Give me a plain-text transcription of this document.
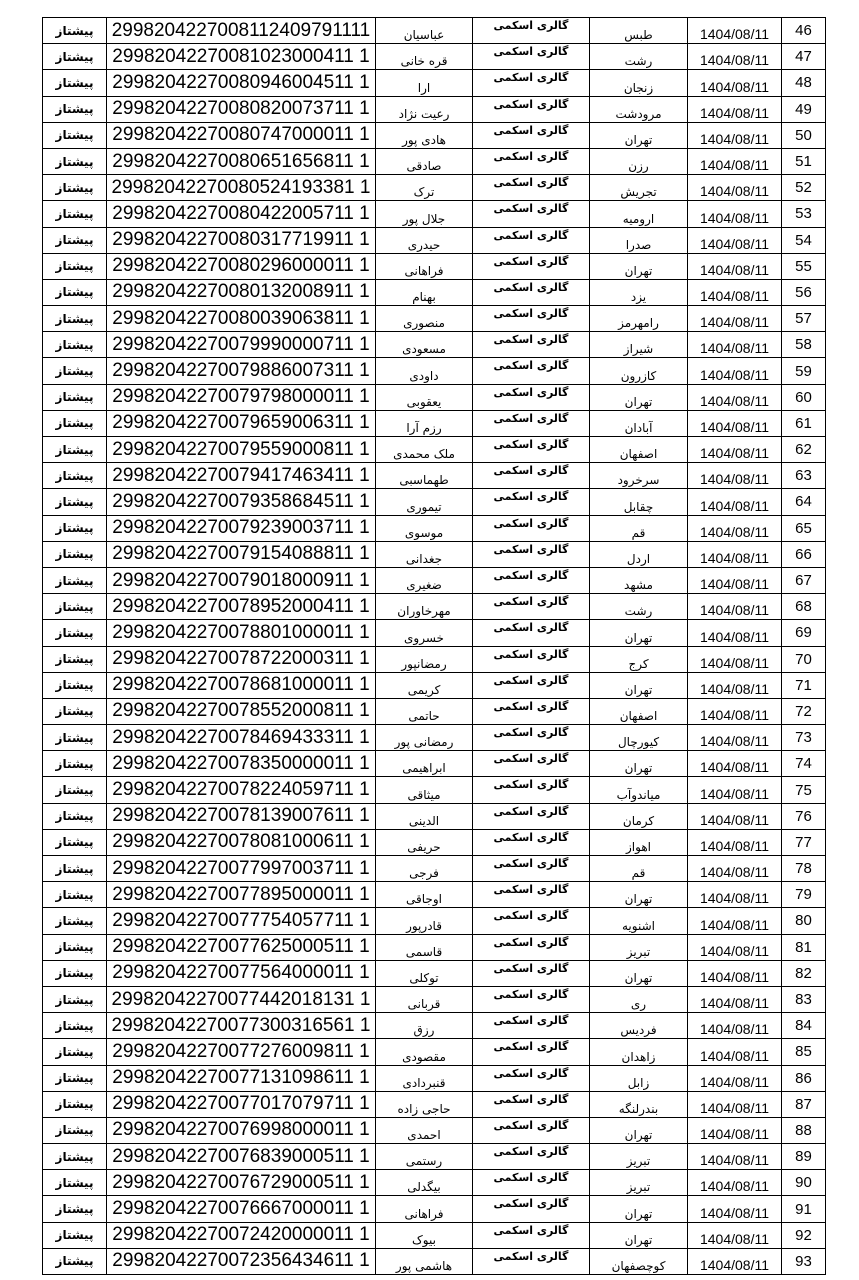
پیشتاز	2998204227008112409791111	عباسیان	گالری اسکمی	طبس	1404/08/11	46
پیشتاز	29982042270081023000411 1	قره خانی	گالری اسکمی	رشت	1404/08/11	47
پیشتاز	29982042270080946004511 1	ارا	گالری اسکمی	زنجان	1404/08/11	48
پیشتاز	29982042270080820073711 1	رعیت نژاد	گالری اسکمی	مرودشت	1404/08/11	49
پیشتاز	29982042270080747000011 1	هادی پور	گالری اسکمی	تهران	1404/08/11	50
پیشتاز	29982042270080651656811 1	صادقی	گالری اسکمی	رزن	1404/08/11	51
پیشتاز	29982042270080524193381 1	ترک	گالری اسکمی	تجریش	1404/08/11	52
پیشتاز	29982042270080422005711 1	جلال پور	گالری اسکمی	ارومیه	1404/08/11	53
پیشتاز	29982042270080317719911 1	حیدری	گالری اسکمی	صدرا	1404/08/11	54
پیشتاز	29982042270080296000011 1	فراهانی	گالری اسکمی	تهران	1404/08/11	55
پیشتاز	29982042270080132008911 1	بهنام	گالری اسکمی	یزد	1404/08/11	56
پیشتاز	29982042270080039063811 1	منصوری	گالری اسکمی	رامهرمز	1404/08/11	57
پیشتاز	29982042270079990000711 1	مسعودی	گالری اسکمی	شیراز	1404/08/11	58
پیشتاز	29982042270079886007311 1	داودی	گالری اسکمی	کازرون	1404/08/11	59
پیشتاز	29982042270079798000011 1	یعقوبی	گالری اسکمی	تهران	1404/08/11	60
پیشتاز	29982042270079659006311 1	رزم آرا	گالری اسکمی	آبادان	1404/08/11	61
پیشتاز	29982042270079559000811 1	ملک محمدی	گالری اسکمی	اصفهان	1404/08/11	62
پیشتاز	29982042270079417463411 1	طهماسبی	گالری اسکمی	سرخرود	1404/08/11	63
پیشتاز	29982042270079358684511 1	تیموری	گالری اسکمی	چقابل	1404/08/11	64
پیشتاز	29982042270079239003711 1	موسوی	گالری اسکمی	قم	1404/08/11	65
پیشتاز	29982042270079154088811 1	جغدانی	گالری اسکمی	اردل	1404/08/11	66
پیشتاز	29982042270079018000911 1	ضغیری	گالری اسکمی	مشهد	1404/08/11	67
پیشتاز	29982042270078952000411 1	مهرخاوران	گالری اسکمی	رشت	1404/08/11	68
پیشتاز	29982042270078801000011 1	خسروی	گالری اسکمی	تهران	1404/08/11	69
پیشتاز	29982042270078722000311 1	رمضانپور	گالری اسکمی	کرج	1404/08/11	70
پیشتاز	29982042270078681000011 1	کریمی	گالری اسکمی	تهران	1404/08/11	71
پیشتاز	29982042270078552000811 1	حاتمی	گالری اسکمی	اصفهان	1404/08/11	72
پیشتاز	29982042270078469433311 1	رمضانی پور	گالری اسکمی	کیورچال	1404/08/11	73
پیشتاز	29982042270078350000011 1	ابراهیمی	گالری اسکمی	تهران	1404/08/11	74
پیشتاز	29982042270078224059711 1	میثاقی	گالری اسکمی	میاندوآب	1404/08/11	75
پیشتاز	29982042270078139007611 1	الدینی	گالری اسکمی	کرمان	1404/08/11	76
پیشتاز	29982042270078081000611 1	حریفی	گالری اسکمی	اهواز	1404/08/11	77
پیشتاز	29982042270077997003711 1	فرجی	گالری اسکمی	قم	1404/08/11	78
پیشتاز	29982042270077895000011 1	اوجاقی	گالری اسکمی	تهران	1404/08/11	79
پیشتاز	29982042270077754057711 1	قادرپور	گالری اسکمی	اشنویه	1404/08/11	80
پیشتاز	29982042270077625000511 1	قاسمی	گالری اسکمی	تبریز	1404/08/11	81
پیشتاز	29982042270077564000011 1	توکلی	گالری اسکمی	تهران	1404/08/11	82
پیشتاز	29982042270077442018131 1	قربانی	گالری اسکمی	ری	1404/08/11	83
پیشتاز	29982042270077300316561 1	رزق	گالری اسکمی	فردیس	1404/08/11	84
پیشتاز	29982042270077276009811 1	مقصودی	گالری اسکمی	زاهدان	1404/08/11	85
پیشتاز	29982042270077131098611 1	قنبردادی	گالری اسکمی	زابل	1404/08/11	86
پیشتاز	29982042270077017079711 1	حاجی زاده	گالری اسکمی	بندرلنگه	1404/08/11	87
پیشتاز	29982042270076998000011 1	احمدی	گالری اسکمی	تهران	1404/08/11	88
پیشتاز	29982042270076839000511 1	رستمی	گالری اسکمی	تبریز	1404/08/11	89
پیشتاز	29982042270076729000511 1	بیگدلی	گالری اسکمی	تبریز	1404/08/11	90
پیشتاز	29982042270076667000011 1	فراهانی	گالری اسکمی	تهران	1404/08/11	91
پیشتاز	29982042270072420000011 1	بیوک	گالری اسکمی	تهران	1404/08/11	92
پیشتاز	29982042270072356434611 1	هاشمی پور	گالری اسکمی	کوچصفهان	1404/08/11	93
